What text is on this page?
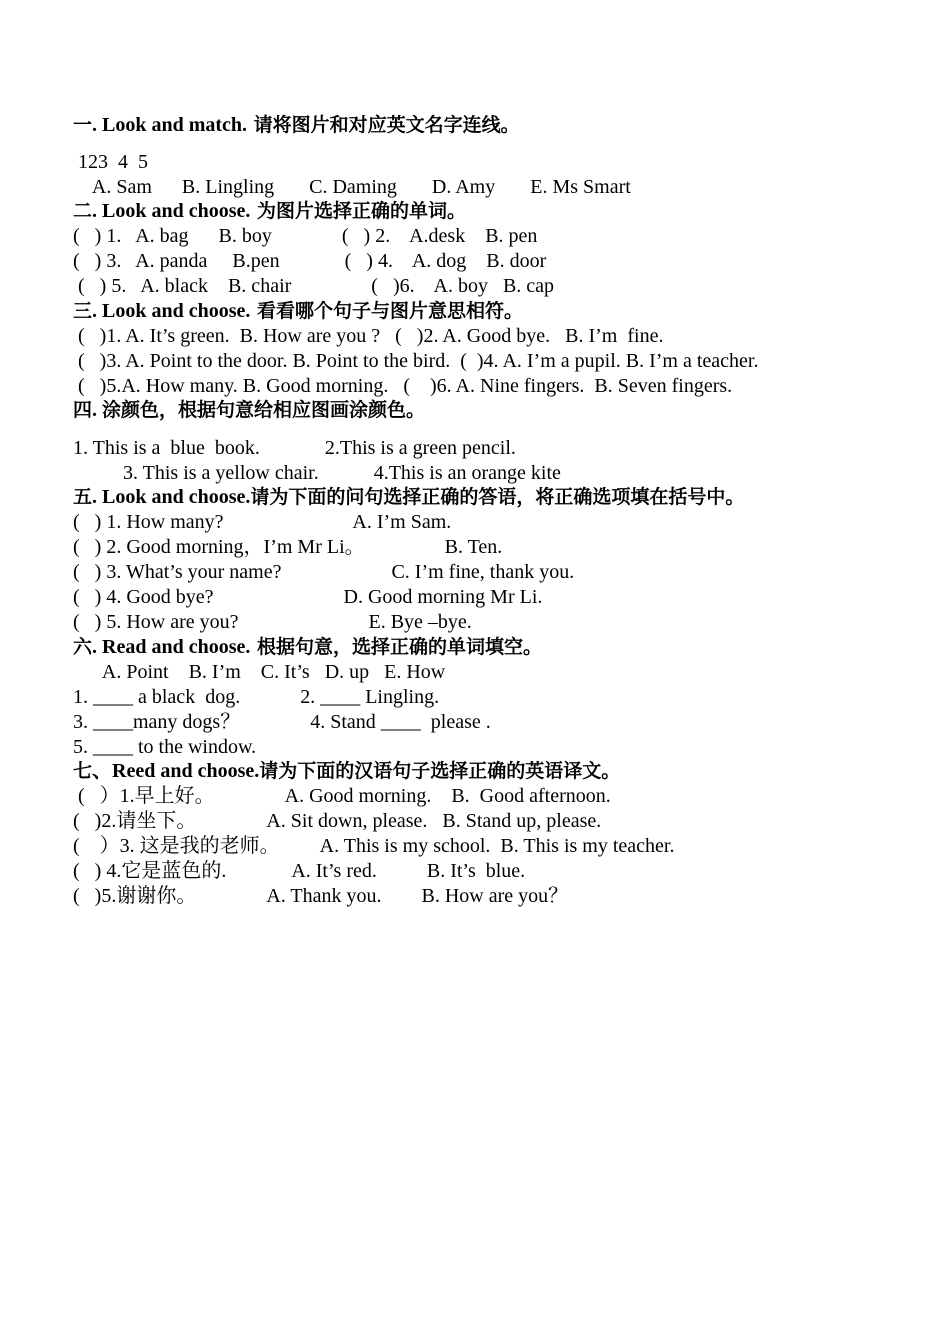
一. Look and match. 请将图片和对应英文名字连线。
123  4  5
A. Sam      B. Lingling       C. Daming       D. Amy       E. Ms Smart
二. Look and choose. 为图片选择正确的单词。
(   ) 1.   A. bag      B. boy              (   ) 2.    A.desk    B. pen
(   ) 3.   A. panda     B.pen             (   ) 4.    A. dog    B. door
(   ) 5.   A. black    B. chair                (   )6.    A. boy   B. cap
三. Look and choose. 看看哪个句子与图片意思相符。
(   )1. A. It’s green.  B. How are you ?   (   )2. A. Good bye.   B. I’m  fine.
(   )3. A. Point to the door. B. Point to the bird.  (  )4. A. I’m a pupil. B. I’m a teacher.
(   )5.A. How many. B. Good morning.   (    )6. A. Nine fingers.  B. Seven fingers.
四. 涂颜色，根据句意给相应图画涂颜色。
1. This is a  blue  book.             2.This is a green pencil.
3. This is a yellow chair.           4.This is an orange kite
五. Look and choose.请为下面的问句选择正确的答语，将正确选项填在括号中。
(   ) 1. How many?                          A. I’m Sam.
(   ) 2. Good morning，I’m Mr Li。                B. Ten.
(   ) 3. What’s your name?                      C. I’m fine, thank you.
(   ) 4. Good bye?                          D. Good morning Mr Li.
(   ) 5. How are you?                          E. Bye –bye.
六. Read and choose. 根据句意，选择正确的单词填空。
A. Point    B. I’m    C. It’s   D. up   E. How
1. ____ a black  dog.            2. ____ Lingling.
3. ____many dogs？              4. Stand ____  please .
5. ____ to the window.
七、Reed and choose.请为下面的汉语句子选择正确的英语译文。
(   ）1.早上好。              A. Good morning.    B.  Good afternoon.
(   )2.请坐下。              A. Sit down, please.   B. Stand up, please.
(    ）3. 这是我的老师。        A. This is my school.  B. This is my teacher.
(   ) 4.它是蓝色的.             A. It’s red.          B. It’s  blue.
(   )5.谢谢你。              A. Thank you.        B. How are you？
